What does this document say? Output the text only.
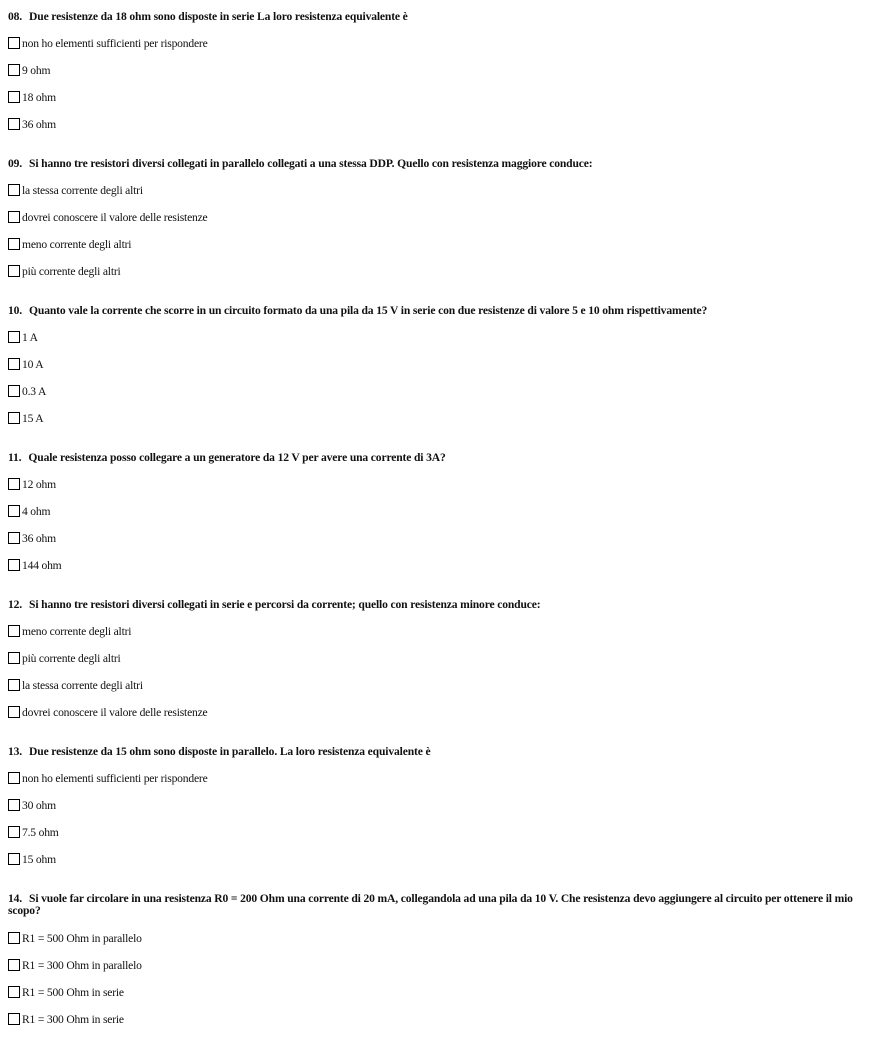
08. Due resistenze da 18 ohm sono disposte in serie La loro resistenza equivalente è

non ho elementi sufficienti per rispondere
9 ohm
18 ohm
36 ohm

09. Si hanno tre resistori diversi collegati in parallelo collegati a una stessa DDP. Quello con resistenza maggiore conduce:

la stessa corrente degli altri
dovrei conoscere il valore delle resistenze
meno corrente degli altri
più corrente degli altri

10. Quanto vale la corrente che scorre in un circuito formato da una pila da 15 V in serie con due resistenze di valore 5 e 10 ohm rispettivamente?

1 A
10 A
0.3 A
15 A

11. Quale resistenza posso collegare a un generatore da 12 V per avere una corrente di 3A?

12 ohm
4 ohm
36 ohm
144 ohm

12. Si hanno tre resistori diversi collegati in serie e percorsi da corrente; quello con resistenza minore conduce:

meno corrente degli altri
più corrente degli altri
la stessa corrente degli altri
dovrei conoscere il valore delle resistenze

13. Due resistenze da 15 ohm sono disposte in parallelo. La loro resistenza equivalente è

non ho elementi sufficienti per rispondere
30 ohm
7.5 ohm
15 ohm

14. Si vuole far circolare in una resistenza R0 = 200 Ohm una corrente di 20 mA, collegandola ad una pila da 10 V. Che resistenza devo aggiungere al circuito per ottenere il mio scopo?

R1 = 500 Ohm in parallelo
R1 = 300 Ohm in parallelo
R1 = 500 Ohm in serie
R1 = 300 Ohm in serie
